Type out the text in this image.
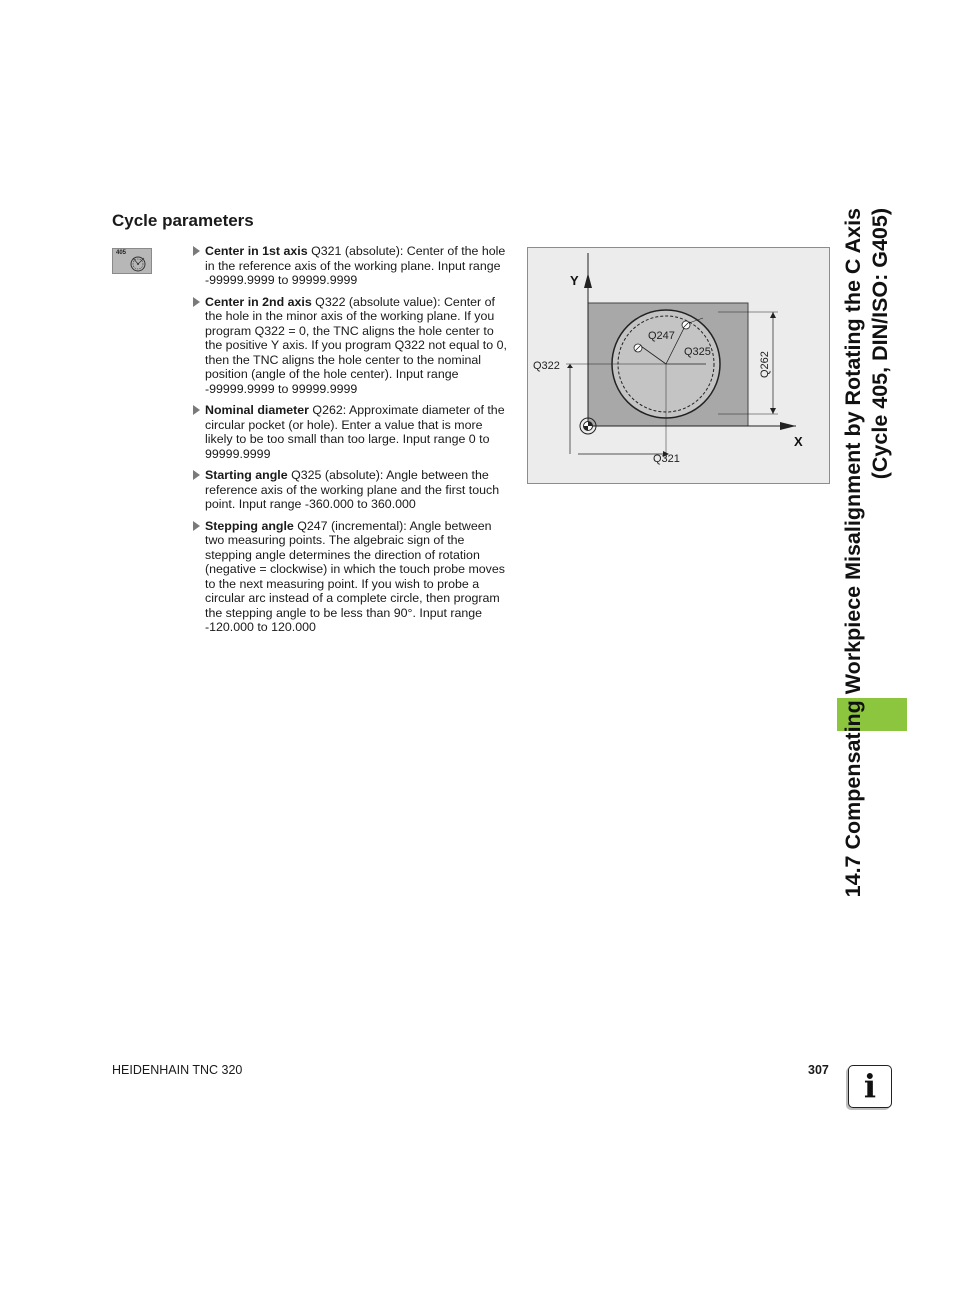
Cycle parameters
405	Center in 1st axis Q321 (absolute): Center of the hole in the reference axis of the working plane. Input range -99999.9999 to 99999.9999
Center in 2nd axis Q322 (absolute value): Center of the hole in the minor axis of the working plane. If you program Q322 = 0, the TNC aligns the hole center to the positive Y axis. If you program Q322 not equal to 0, then the TNC aligns the hole center to the nominal position (angle of the hole center). Input range -99999.9999 to 99999.9999
Nominal diameter Q262: Approximate diameter of the circular pocket (or hole). Enter a value that is more likely to be too small than too large. Input range 0 to 99999.9999
Starting angle Q325 (absolute): Angle between the reference axis of the working plane and the first touch point. Input range -360.000 to 360.000
Stepping angle Q247 (incremental): Angle between two measuring points. The algebraic sign of the stepping angle determines the direction of rotation (negative = clockwise) in which the touch probe moves to the next measuring point. If you wish to probe a circular arc instead of a complete circle, then program the stepping angle to be less than 90°. Input range -120.000 to 120.000
Y
X
Q247
Q325	Q262
Q322
Q321	14.7 Compensating Workpiece Misalignment by Rotating the C Axis (Cycle 405, DIN/ISO: G405)
HEIDENHAIN TNC 320	307	i
